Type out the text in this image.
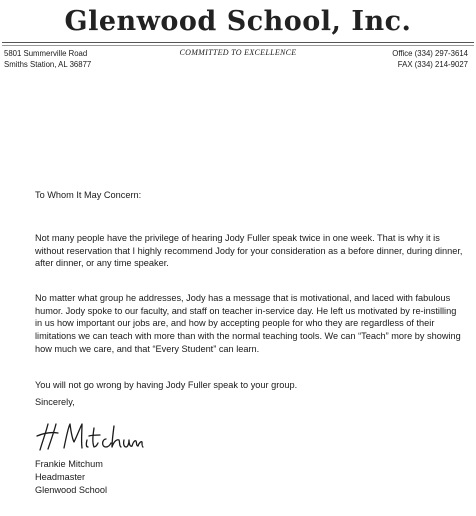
Glenwood School, Inc.
5801 Summerville Road
Smiths Station, AL 36877
COMMITTED TO EXCELLENCE	Office (334) 297-3614
FAX (334) 214-9027
To Whom It May Concern:

Not many people have the privilege of hearing Jody Fuller speak twice in one week. That is why it is without reservation that I highly recommend Jody for your consideration as a before dinner, during dinner, after dinner, or any time speaker.

No matter what group he addresses, Jody has a message that is motivational, and laced with fabulous humor. Jody spoke to our faculty, and staff on teacher in-service day. He left us motivated by re-instilling in us how important our jobs are, and how by accepting people for who they are regardless of their limitations we can teach with more than with the normal teaching tools. We can “Teach” more by showing how much we care, and that “Every Student” can learn.

You will not go wrong by having Jody Fuller speak to your group.

Sincerely,
Frankie Mitchum
Headmaster
Glenwood School
